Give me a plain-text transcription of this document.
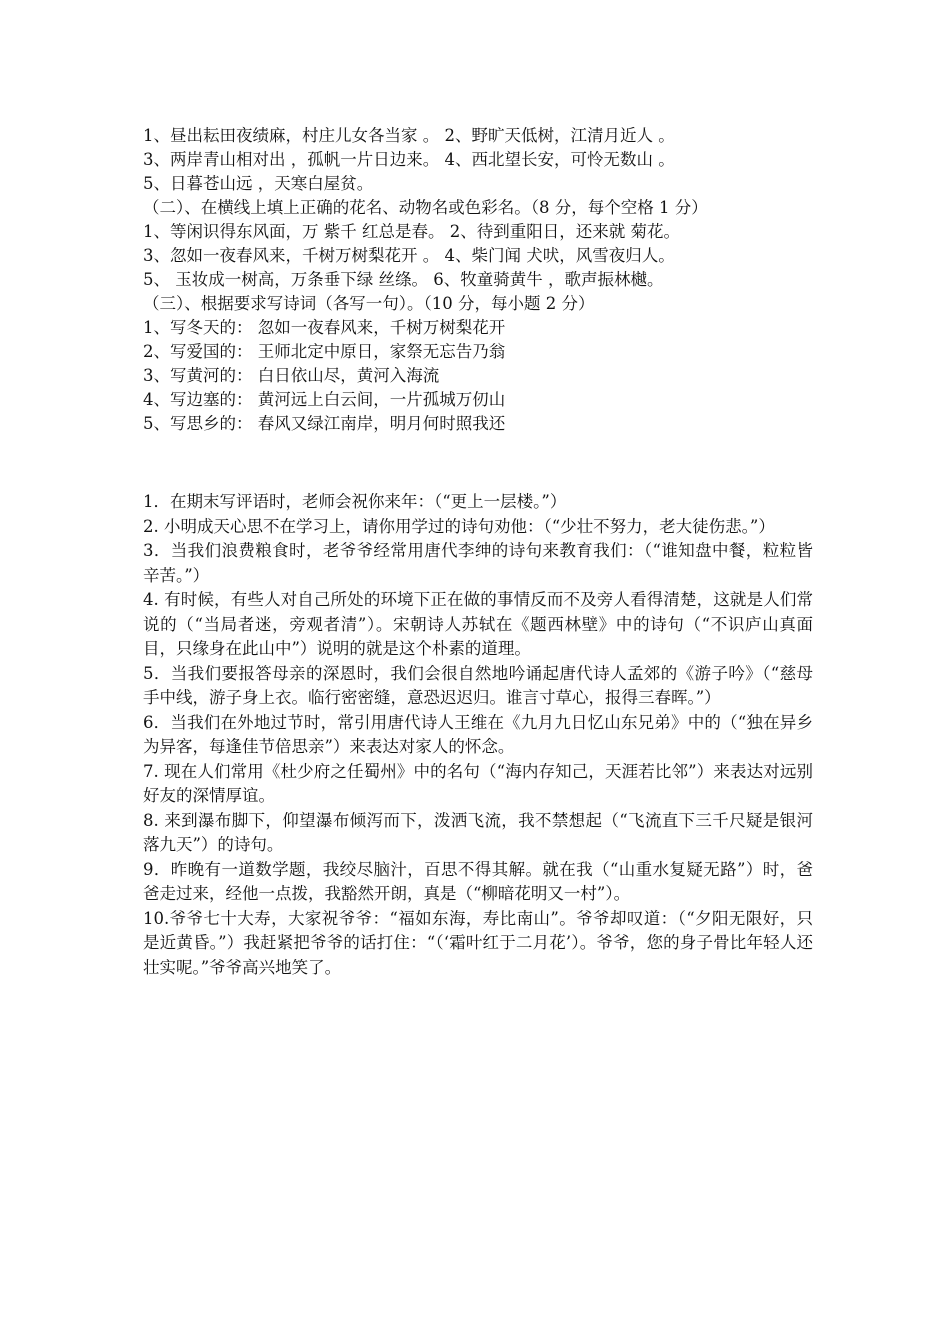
1、昼出耘田夜绩麻，村庄儿女各当家 。 2、野旷天低树，江清月近人 。
3、两岸青山相对出 ，孤帆一片日边来。 4、西北望长安，可怜无数山 。
5、日暮苍山远 ，天寒白屋贫。
（二）、在横线上填上正确的花名、动物名或色彩名。（8 分，每个空格 1 分）
1、等闲识得东风面，万 紫千 红总是春。 2、待到重阳日，还来就 菊花。
3、忽如一夜春风来，千树万树梨花开 。 4、柴门闻 犬吠，风雪夜归人。
5、 玉妆成一树高，万条垂下绿 丝绦。 6、牧童骑黄牛 ，歌声振林樾。
（三）、根据要求写诗词（各写一句）。（10 分，每小题 2 分）
1、写冬天的： 忽如一夜春风来，千树万树梨花开
2、写爱国的： 王师北定中原日，家祭无忘告乃翁
3、写黄河的： 白日依山尽，黄河入海流
4、写边塞的： 黄河远上白云间，一片孤城万仞山
5、写思乡的： 春风又绿江南岸，明月何时照我还
1．在期末写评语时，老师会祝你来年：（“更上一层楼。”）
2. 小明成天心思不在学习上，请你用学过的诗句劝他：（“少壮不努力，老大徒伤悲。”）
3．当我们浪费粮食时，老爷爷经常用唐代李绅的诗句来教育我们：（“谁知盘中餐，粒粒皆辛苦。”）
4. 有时候，有些人对自己所处的环境下正在做的事情反而不及旁人看得清楚，这就是人们常说的（“当局者迷，旁观者清”）。宋朝诗人苏轼在《题西林壁》中的诗句（“不识庐山真面目，只缘身在此山中”）说明的就是这个朴素的道理。
5．当我们要报答母亲的深恩时，我们会很自然地吟诵起唐代诗人孟郊的《游子吟》（“慈母手中线，游子身上衣。临行密密缝，意恐迟迟归。谁言寸草心，报得三春晖。”）
6．当我们在外地过节时，常引用唐代诗人王维在《九月九日忆山东兄弟》中的（“独在异乡为异客，每逢佳节倍思亲”）来表达对家人的怀念。
7. 现在人们常用《杜少府之任蜀州》中的名句（“海内存知己，天涯若比邻”）来表达对远别好友的深情厚谊。
8. 来到瀑布脚下，仰望瀑布倾泻而下，泼洒飞流，我不禁想起（“飞流直下三千尺疑是银河落九天”）的诗句。
9．昨晚有一道数学题，我绞尽脑汁，百思不得其解。就在我（“山重水复疑无路”）时，爸爸走过来，经他一点拨，我豁然开朗，真是（“柳暗花明又一村”）。
10.爷爷七十大寿，大家祝爷爷：“福如东海，寿比南山”。爷爷却叹道：（“夕阳无限好，只是近黄昏。”）我赶紧把爷爷的话打住：“（‘霜叶红于二月花’）。爷爷，您的身子骨比年轻人还壮实呢。”爷爷高兴地笑了。
